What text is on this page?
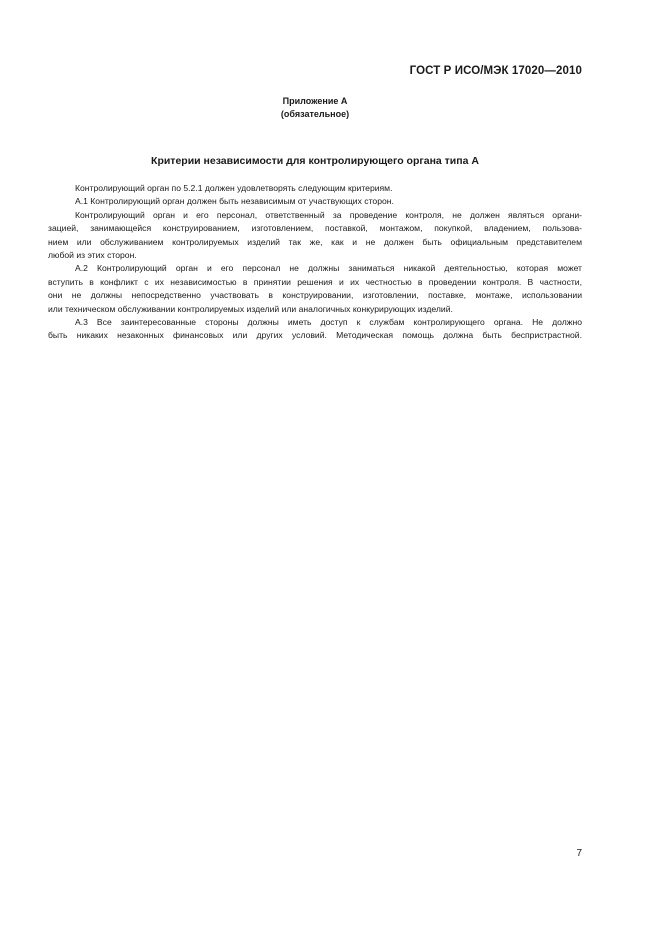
ГОСТ Р ИСО/МЭК 17020—2010
Приложение А
(обязательное)
Критерии независимости для контролирующего органа типа А
Контролирующий орган по 5.2.1 должен удовлетворять следующим критериям.
А.1 Контролирующий орган должен быть независимым от участвующих сторон.
Контролирующий орган и его персонал, ответственный за проведение контроля, не должен являться органи-
зацией, занимающейся конструированием, изготовлением, поставкой, монтажом, покупкой, владением, пользова-
нием или обслуживанием контролируемых изделий так же, как и не должен быть официальным представителем
любой из этих сторон.
А.2 Контролирующий орган и его персонал не должны заниматься никакой деятельностью, которая может
вступить в конфликт с их независимостью в принятии решения и их честностью в проведении контроля. В частности,
они не должны непосредственно участвовать в конструировании, изготовлении, поставке, монтаже, использовании
или техническом обслуживании контролируемых изделий или аналогичных конкурирующих изделий.
А.3 Все заинтересованные стороны должны иметь доступ к службам контролирующего органа. Не должно
быть никаких незаконных финансовых или других условий. Методическая помощь должна быть беспристрастной.
7
